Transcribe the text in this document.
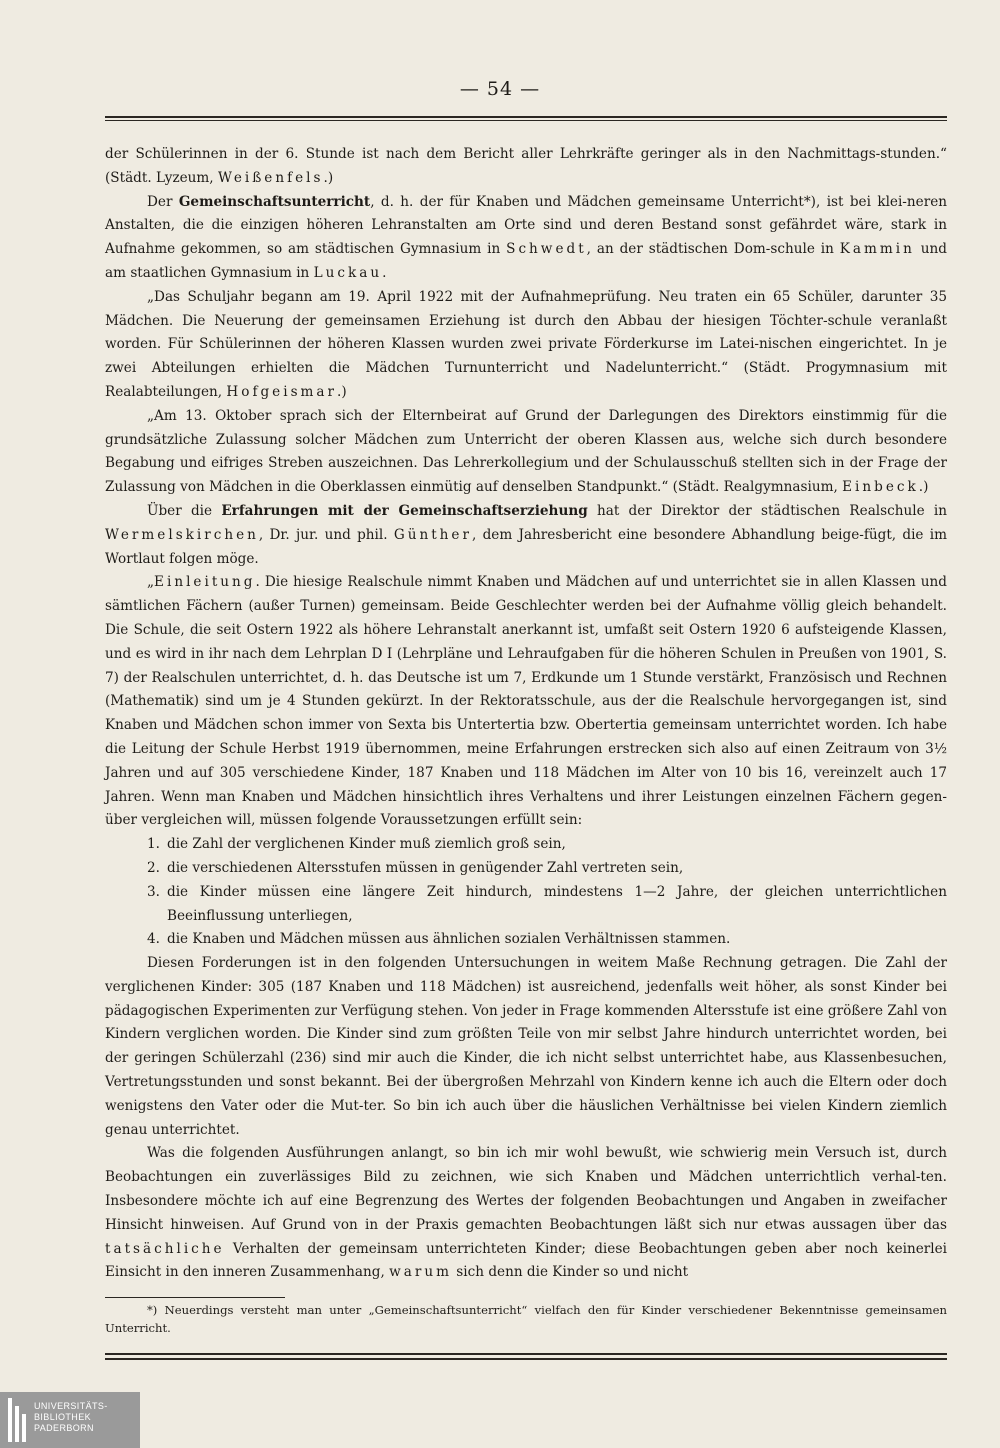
— 54 —

der Schülerinnen in der 6. Stunde ist nach dem Bericht aller Lehrkräfte geringer als in den Nachmittags-stunden.“ (Städt. Lyzeum, Weißenfels.)

Der Gemeinschaftsunterricht, d. h. der für Knaben und Mädchen gemeinsame Unterricht*), ist bei klei-neren Anstalten, die die einzigen höheren Lehranstalten am Orte sind und deren Bestand sonst gefährdet wäre, stark in Aufnahme gekommen, so am städtischen Gymnasium in Schwedt, an der städtischen Dom-schule in Kammin und am staatlichen Gymnasium in Luckau.

„Das Schuljahr begann am 19. April 1922 mit der Aufnahmeprüfung. Neu traten ein 65 Schüler, darunter 35 Mädchen. Die Neuerung der gemeinsamen Erziehung ist durch den Abbau der hiesigen Töchter-schule veranlaßt worden. Für Schülerinnen der höheren Klassen wurden zwei private Förderkurse im Latei-nischen eingerichtet. In je zwei Abteilungen erhielten die Mädchen Turnunterricht und Nadelunterricht.“ (Städt. Progymnasium mit Realabteilungen, Hofgeismar.)

„Am 13. Oktober sprach sich der Elternbeirat auf Grund der Darlegungen des Direktors einstimmig für die grundsätzliche Zulassung solcher Mädchen zum Unterricht der oberen Klassen aus, welche sich durch besondere Begabung und eifriges Streben auszeichnen. Das Lehrerkollegium und der Schulausschuß stellten sich in der Frage der Zulassung von Mädchen in die Oberklassen einmütig auf denselben Standpunkt.“ (Städt. Realgymnasium, Einbeck.)

Über die Erfahrungen mit der Gemeinschaftserziehung hat der Direktor der städtischen Realschule in Wermelskirchen, Dr. jur. und phil. Günther, dem Jahresbericht eine besondere Abhandlung beige-fügt, die im Wortlaut folgen möge.

„Einleitung. Die hiesige Realschule nimmt Knaben und Mädchen auf und unterrichtet sie in allen Klassen und sämtlichen Fächern (außer Turnen) gemeinsam. Beide Geschlechter werden bei der Aufnahme völlig gleich behandelt. Die Schule, die seit Ostern 1922 als höhere Lehranstalt anerkannt ist, umfaßt seit Ostern 1920 6 aufsteigende Klassen, und es wird in ihr nach dem Lehrplan D I (Lehrpläne und Lehraufgaben für die höheren Schulen in Preußen von 1901, S. 7) der Realschulen unterrichtet, d. h. das Deutsche ist um 7, Erdkunde um 1 Stunde verstärkt, Französisch und Rechnen (Mathematik) sind um je 4 Stunden gekürzt. In der Rektoratsschule, aus der die Realschule hervorgegangen ist, sind Knaben und Mädchen schon immer von Sexta bis Untertertia bzw. Obertertia gemeinsam unterrichtet worden. Ich habe die Leitung der Schule Herbst 1919 übernommen, meine Erfahrungen erstrecken sich also auf einen Zeitraum von 3½ Jahren und auf 305 verschiedene Kinder, 187 Knaben und 118 Mädchen im Alter von 10 bis 16, vereinzelt auch 17 Jahren. Wenn man Knaben und Mädchen hinsichtlich ihres Verhaltens und ihrer Leistungen einzelnen Fächern gegen-über vergleichen will, müssen folgende Voraussetzungen erfüllt sein:

1. die Zahl der verglichenen Kinder muß ziemlich groß sein,
2. die verschiedenen Altersstufen müssen in genügender Zahl vertreten sein,
3. die Kinder müssen eine längere Zeit hindurch, mindestens 1—2 Jahre, der gleichen unterrichtlichen Beeinflussung unterliegen,
4. die Knaben und Mädchen müssen aus ähnlichen sozialen Verhältnissen stammen.

Diesen Forderungen ist in den folgenden Untersuchungen in weitem Maße Rechnung getragen. Die Zahl der verglichenen Kinder: 305 (187 Knaben und 118 Mädchen) ist ausreichend, jedenfalls weit höher, als sonst Kinder bei pädagogischen Experimenten zur Verfügung stehen. Von jeder in Frage kommenden Altersstufe ist eine größere Zahl von Kindern verglichen worden. Die Kinder sind zum größten Teile von mir selbst Jahre hindurch unterrichtet worden, bei der geringen Schülerzahl (236) sind mir auch die Kinder, die ich nicht selbst unterrichtet habe, aus Klassenbesuchen, Vertretungsstunden und sonst bekannt. Bei der übergroßen Mehrzahl von Kindern kenne ich auch die Eltern oder doch wenigstens den Vater oder die Mut-ter. So bin ich auch über die häuslichen Verhältnisse bei vielen Kindern ziemlich genau unterrichtet.

Was die folgenden Ausführungen anlangt, so bin ich mir wohl bewußt, wie schwierig mein Versuch ist, durch Beobachtungen ein zuverlässiges Bild zu zeichnen, wie sich Knaben und Mädchen unterrichtlich verhal-ten. Insbesondere möchte ich auf eine Begrenzung des Wertes der folgenden Beobachtungen und Angaben in zweifacher Hinsicht hinweisen. Auf Grund von in der Praxis gemachten Beobachtungen läßt sich nur etwas aussagen über das tatsächliche Verhalten der gemeinsam unterrichteten Kinder; diese Beobachtungen geben aber noch keinerlei Einsicht in den inneren Zusammenhang, warum sich denn die Kinder so und nicht

*) Neuerdings versteht man unter „Gemeinschaftsunterricht“ vielfach den für Kinder verschiedener Bekenntnisse gemeinsamen Unterricht.
UNIVERSITÄTS-
BIBLIOTHEK
PADERBORN
